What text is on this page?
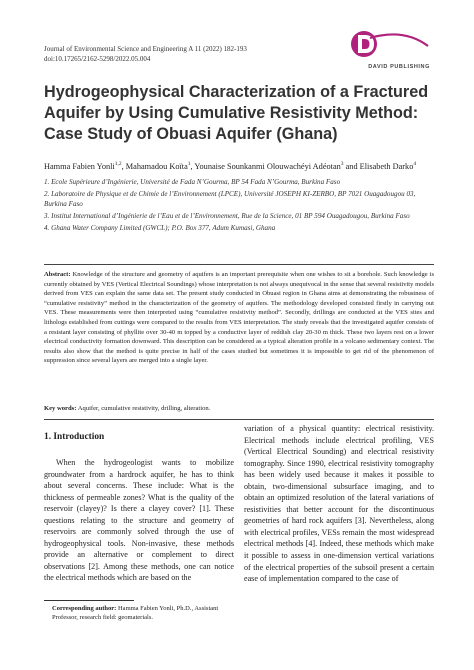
Journal of Environmental Science and Engineering A 11 (2022) 182-193
doi:10.17265/2162-5298/2022.05.004
DAVID PUBLISHING
Hydrogeophysical Characterization of a Fractured Aquifer by Using Cumulative Resistivity Method: Case Study of Obuasi Aquifer (Ghana)
Hamma Fabien Yonli$^{1,2}$, Mahamadou Koïta$^1$, Younaise Sounkanmi Olouwachéyi Adéotan$^3$ and Elisabeth Darko$^4$
1. Ecole Supérieure d’Ingénierie, Université de Fada N’Gourma, BP 54 Fada N’Gourma, Burkina Faso
2. Laboratoire de Physique et de Chimie de l’Environnement (LPCE), Université JOSEPH KI-ZERBO, BP 7021 Ouagadougou 03, Burkina Faso
3. Institut International d’Ingénierie de l’Eau et de l’Environnement, Rue de la Science, 01 BP 594 Ouagadougou, Burkina Faso
4. Ghana Water Company Limited (GWCL); P.O. Box 377, Adum Kumasi, Ghana
Abstract: Knowledge of the structure and geometry of aquifers is an important prerequisite when one wishes to sit a borehole. Such knowledge is currently obtained by VES (Vertical Electrical Soundings) whose interpretation is not always unequivocal in the sense that several resistivity models derived from VES can explain the same data set. The present study conducted in Obuasi region in Ghana aims at demonstrating the robustness of “cumulative resistivity” method in the characterization of the geometry of aquifers. The methodology developed consisted firstly in carrying out VES. These measurements were then interpreted using “cumulative resistivity method”. Secondly, drillings are conducted at the VES sites and lithologs established from cuttings were compared to the results from VES interpretation. The study reveals that the investigated aquifer consists of a resistant layer consisting of phyllite over 30-40 m topped by a conductive layer of reddish clay 20-30 m thick. These two layers rest on a lower electrical conductivity formation downward. This description can be considered as a typical alteration profile in a volcano sedimentary context. The results also show that the method is quite precise in half of the cases studied but sometimes it is impossible to get rid of the phenomenon of suppression since several layers are merged into a single layer.
Key words: Aquifer, cumulative resistivity, drilling, alteration.
1. Introduction
When the hydrogeologist wants to mobilize groundwater from a hardrock aquifer, he has to think about several concerns. These include: What is the thickness of permeable zones? What is the quality of the reservoir (clayey)? Is there a clayey cover? [1]. These questions relating to the structure and geometry of reservoirs are commonly solved through the use of hydrogeophysical tools. Non-invasive, these methods provide an alternative or complement to direct observations [2]. Among these methods, one can notice the electrical methods which are based on the
variation of a physical quantity: electrical resistivity. Electrical methods include electrical profiling, VES (Vertical Electrical Sounding) and electrical resistivity tomography. Since 1990, electrical resistivity tomography has been widely used because it makes it possible to obtain, two-dimensional subsurface imaging, and to obtain an optimized resolution of the lateral variations of resistivities that better account for the discontinuous geometries of hard rock aquifers [3]. Nevertheless, along with electrical profiles, VESs remain the most widespread electrical methods [4]. Indeed, these methods which make it possible to assess in one-dimension vertical variations of the electrical properties of the subsoil present a certain ease of implementation compared to the case of
Corresponding author: Hamma Fabien Yonli, Ph.D., Assistant Professor, research field: geomaterials.
